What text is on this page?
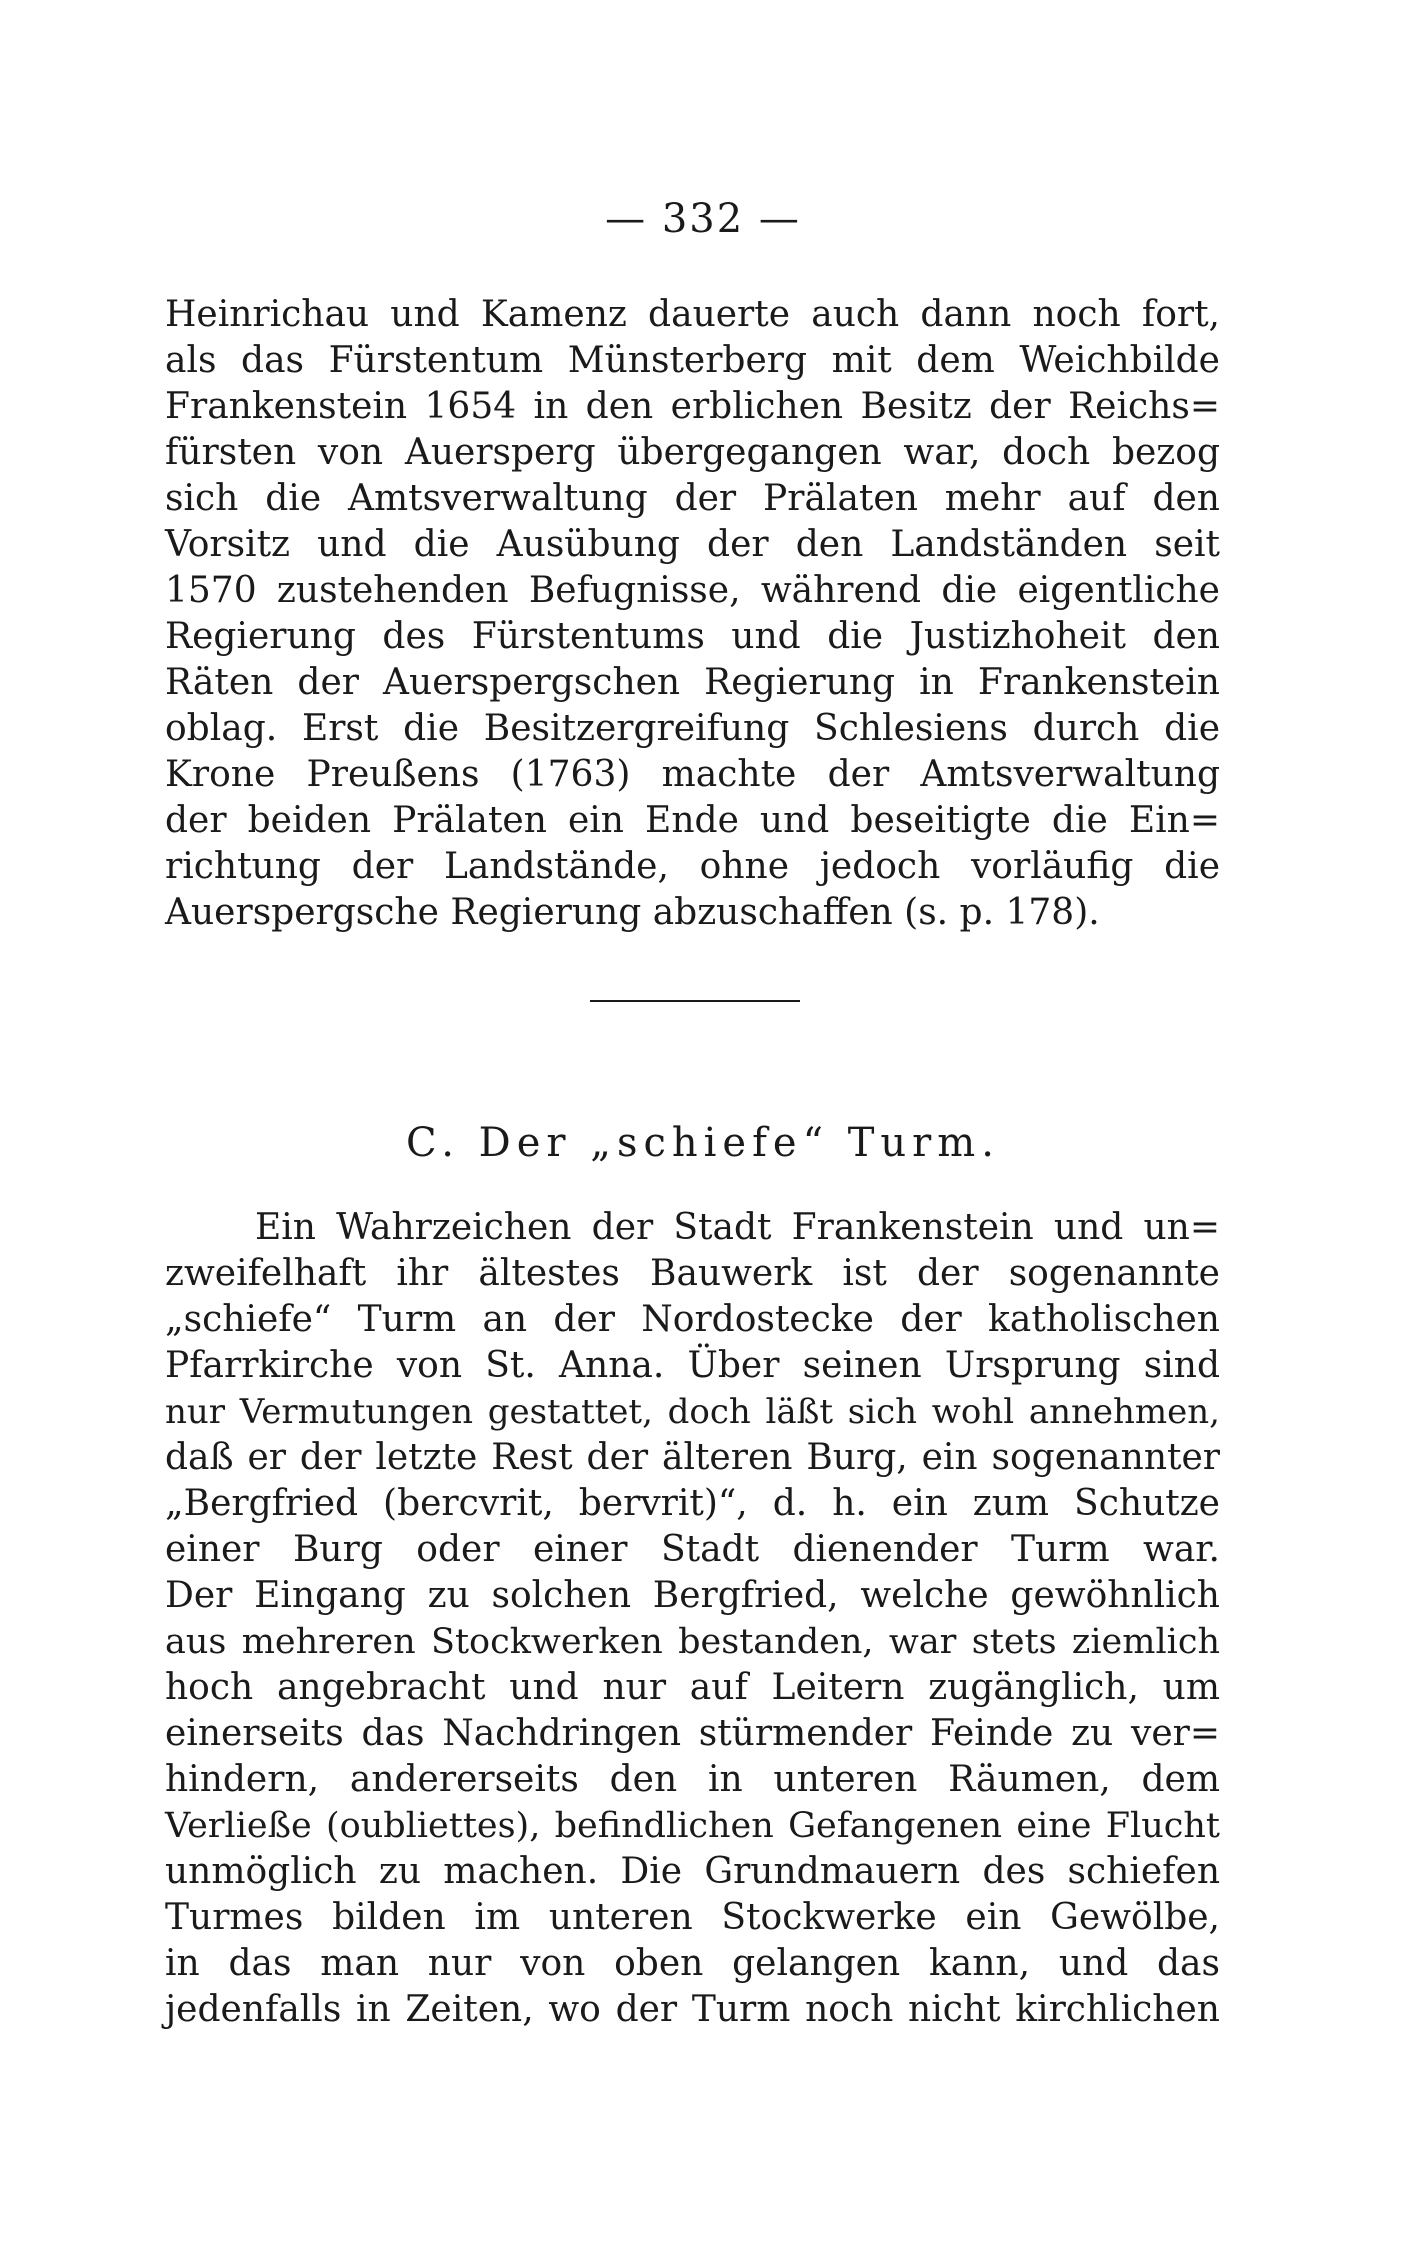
— 332 —
Heinrichau und Kamenz dauerte auch dann noch fort,
als das Fürstentum Münsterberg mit dem Weichbilde
Frankenstein 1654 in den erblichen Besitz der Reichs=
fürsten von Auersperg übergegangen war, doch bezog
sich die Amtsverwaltung der Prälaten mehr auf den
Vorsitz und die Ausübung der den Landständen seit
1570 zustehenden Befugnisse, während die eigentliche
Regierung des Fürstentums und die Justizhoheit den
Räten der Auerspergschen Regierung in Frankenstein
oblag. Erst die Besitzergreifung Schlesiens durch die
Krone Preußens (1763) machte der Amtsverwaltung
der beiden Prälaten ein Ende und beseitigte die Ein=
richtung der Landstände, ohne jedoch vorläufig die
Auerspergsche Regierung abzuschaffen (s. p. 178).
C. Der „schiefe“ Turm.
Ein Wahrzeichen der Stadt Frankenstein und un=
zweifelhaft ihr ältestes Bauwerk ist der sogenannte
„schiefe“ Turm an der Nordostecke der katholischen
Pfarrkirche von St. Anna. Über seinen Ursprung sind
nur Vermutungen gestattet, doch läßt sich wohl annehmen,
daß er der letzte Rest der älteren Burg, ein sogenannter
„Bergfried (bercvrit, bervrit)“, d. h. ein zum Schutze
einer Burg oder einer Stadt dienender Turm war.
Der Eingang zu solchen Bergfried, welche gewöhnlich
aus mehreren Stockwerken bestanden, war stets ziemlich
hoch angebracht und nur auf Leitern zugänglich, um
einerseits das Nachdringen stürmender Feinde zu ver=
hindern, andererseits den in unteren Räumen, dem
Verließe (oubliettes), befindlichen Gefangenen eine Flucht
unmöglich zu machen. Die Grundmauern des schiefen
Turmes bilden im unteren Stockwerke ein Gewölbe,
in das man nur von oben gelangen kann, und das
jedenfalls in Zeiten, wo der Turm noch nicht kirchlichen
